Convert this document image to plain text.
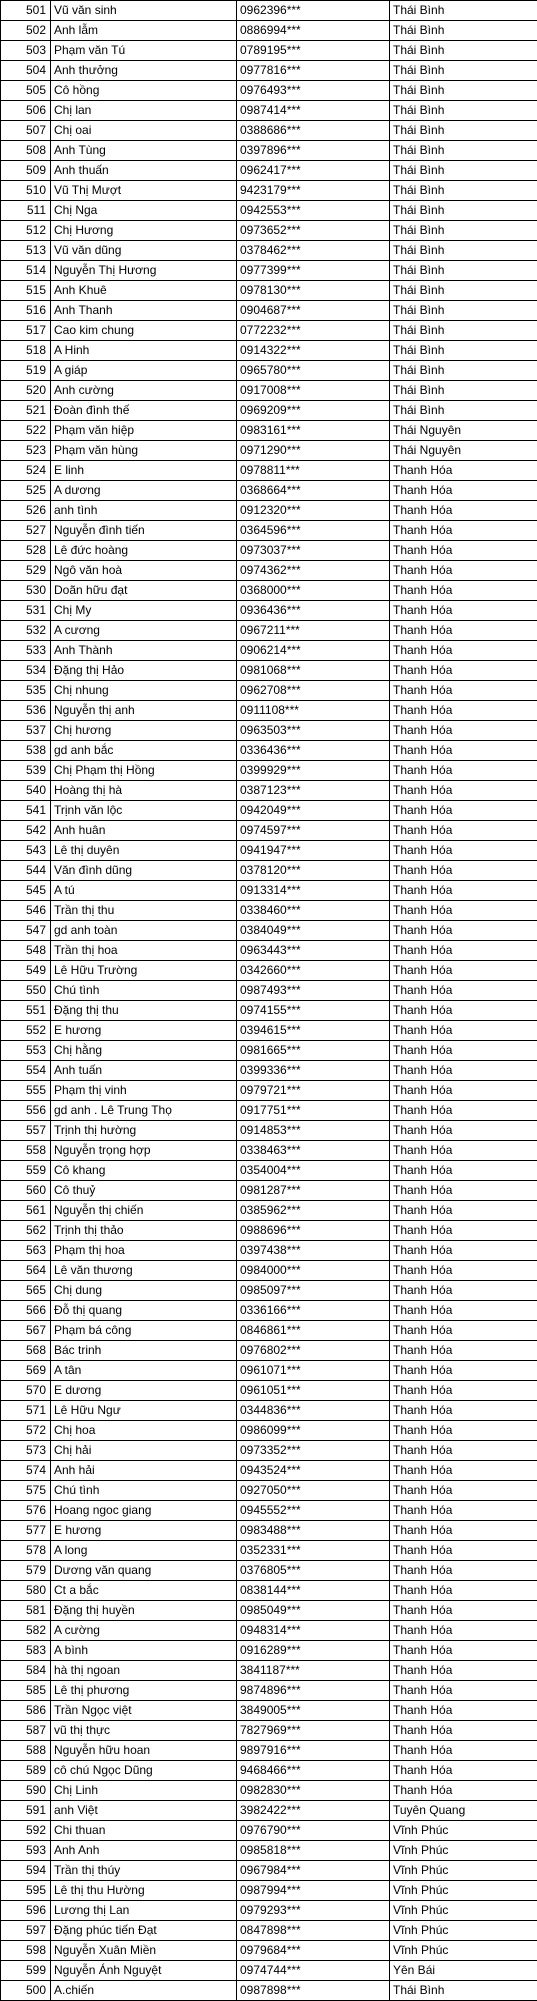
501	Vũ văn sinh	0962396***	Thái Bình
502	Anh lẫm	0886994***	Thái Bình
503	Phạm văn Tú	0789195***	Thái Bình
504	Anh thưởng	0977816***	Thái Bình
505	Cô hồng	0976493***	Thái Bình
506	Chị lan	0987414***	Thái Bình
507	Chị oai	0388686***	Thái Bình
508	Anh Tùng	0397896***	Thái Bình
509	Anh thuấn	0962417***	Thái Bình
510	Vũ Thị Mượt	9423179***	Thái Bình
511	Chị Nga	0942553***	Thái Bình
512	Chị Hương	0973652***	Thái Bình
513	Vũ văn dũng	0378462***	Thái Bình
514	Nguyễn Thị Hương	0977399***	Thái Bình
515	Anh Khuê	0978130***	Thái Bình
516	Anh Thanh	0904687***	Thái Bình
517	Cao kim chung	0772232***	Thái Bình
518	A Hinh	0914322***	Thái Bình
519	A giáp	0965780***	Thái Bình
520	Anh cường	0917008***	Thái Bình
521	Đoàn đình thế	0969209***	Thái Bình
522	Phạm văn hiệp	0983161***	Thái Nguyên
523	Phạm văn hùng	0971290***	Thái Nguyên
524	E linh	0978811***	Thanh Hóa
525	A dương	0368664***	Thanh Hóa
526	anh tình	0912320***	Thanh Hóa
527	Nguyễn đình tiến	0364596***	Thanh Hóa
528	Lê đức hoàng	0973037***	Thanh Hóa
529	Ngô văn hoà	0974362***	Thanh Hóa
530	Doãn hữu đạt	0368000***	Thanh Hóa
531	Chị My	0936436***	Thanh Hóa
532	A cương	0967211***	Thanh Hóa
533	Anh Thành	0906214***	Thanh Hóa
534	Đặng thị Hảo	0981068***	Thanh Hóa
535	Chị nhung	0962708***	Thanh Hóa
536	Nguyễn thị anh	0911108***	Thanh Hóa
537	Chị hương	0963503***	Thanh Hóa
538	gd anh bắc	0336436***	Thanh Hóa
539	Chị Phạm thị Hồng	0399929***	Thanh Hóa
540	Hoàng thị hà	0387123***	Thanh Hóa
541	Trịnh văn lộc	0942049***	Thanh Hóa
542	Anh huân	0974597***	Thanh Hóa
543	Lê thị duyên	0941947***	Thanh Hóa
544	Văn đình dũng	0378120***	Thanh Hóa
545	A tú	0913314***	Thanh Hóa
546	Trần thị thu	0338460***	Thanh Hóa
547	gd anh toàn	0384049***	Thanh Hóa
548	Trần thị hoa	0963443***	Thanh Hóa
549	Lê Hữu Trường	0342660***	Thanh Hóa
550	Chú tình	0987493***	Thanh Hóa
551	Đặng thị thu	0974155***	Thanh Hóa
552	E hương	0394615***	Thanh Hóa
553	Chị hằng	0981665***	Thanh Hóa
554	Anh tuấn	0399336***	Thanh Hóa
555	Phạm thị vinh	0979721***	Thanh Hóa
556	gd anh . Lê Trung Thọ	0917751***	Thanh Hóa
557	Trịnh thị hường	0914853***	Thanh Hóa
558	Nguyễn trọng hợp	0338463***	Thanh Hóa
559	Cô khang	0354004***	Thanh Hóa
560	Cô thuỷ	0981287***	Thanh Hóa
561	Nguyễn thị chiến	0385962***	Thanh Hóa
562	Trịnh thị thảo	0988696***	Thanh Hóa
563	Phạm thị hoa	0397438***	Thanh Hóa
564	Lê văn thương	0984000***	Thanh Hóa
565	Chị dung	0985097***	Thanh Hóa
566	Đỗ thị quang	0336166***	Thanh Hóa
567	Phạm bá công	0846861***	Thanh Hóa
568	Bác trinh	0976802***	Thanh Hóa
569	A tân	0961071***	Thanh Hóa
570	E dương	0961051***	Thanh Hóa
571	Lê Hữu Ngư	0344836***	Thanh Hóa
572	Chị hoa	0986099***	Thanh Hóa
573	Chị hải	0973352***	Thanh Hóa
574	Anh hải	0943524***	Thanh Hóa
575	Chú tình	0927050***	Thanh Hóa
576	Hoang ngoc giang	0945552***	Thanh Hóa
577	E hương	0983488***	Thanh Hóa
578	A long	0352331***	Thanh Hóa
579	Dương văn quang	0376805***	Thanh Hóa
580	Ct a bắc	0838144***	Thanh Hóa
581	Đặng thị huyền	0985049***	Thanh Hóa
582	A cường	0948314***	Thanh Hóa
583	A bình	0916289***	Thanh Hóa
584	hà thị ngoan	3841187***	Thanh Hóa
585	Lê thị phương	9874896***	Thanh Hóa
586	Trần Ngọc việt	3849005***	Thanh Hóa
587	vũ thị thực	7827969***	Thanh Hóa
588	Nguyễn hữu hoan	9897916***	Thanh Hóa
589	cô chú Ngọc Dũng	9468466***	Thanh Hóa
590	Chị Linh	0982830***	Thanh Hóa
591	anh Việt	3982422***	Tuyên Quang
592	Chi thuan	0976790***	Vĩnh Phúc
593	Anh Anh	0985818***	Vĩnh Phúc
594	Trần thị thúy	0967984***	Vĩnh Phúc
595	Lê thị thu Hường	0987994***	Vĩnh Phúc
596	Lương thị Lan	0979293***	Vĩnh Phúc
597	Đặng phúc tiến Đạt	0847898***	Vĩnh Phúc
598	Nguyễn Xuân Miền	0979684***	Vĩnh Phúc
599	Nguyễn Ánh Nguyệt	0974744***	Yên Bái
500	A.chiến	0987898***	Thái Bình
